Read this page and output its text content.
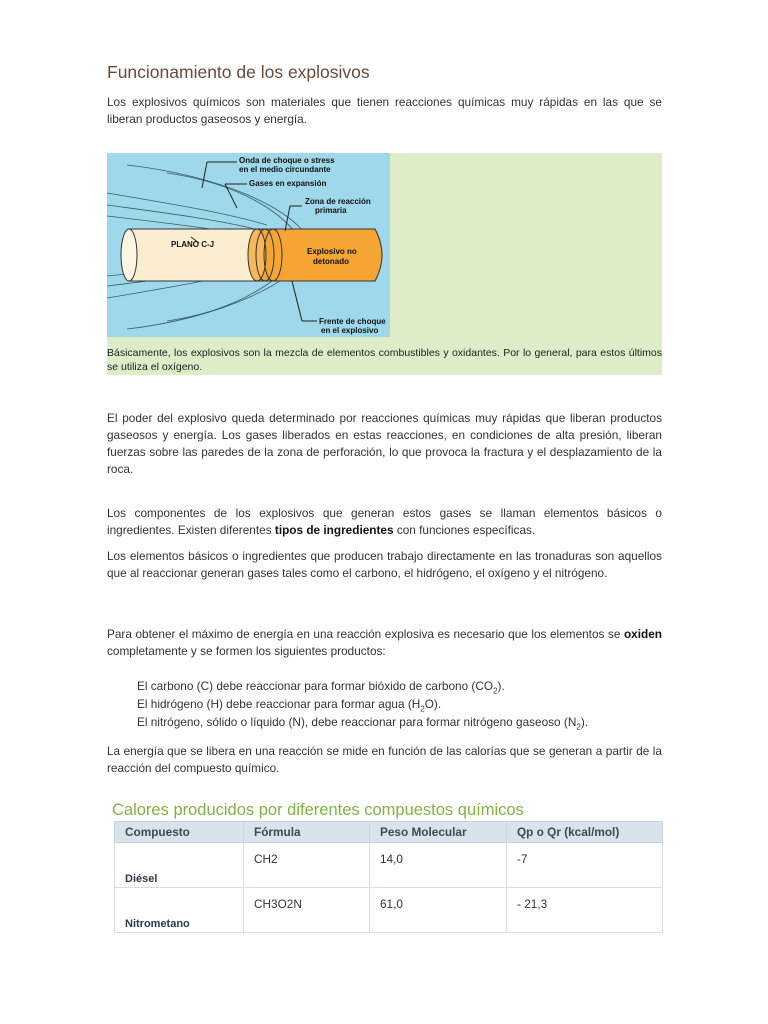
Funcionamiento de los explosivos
Los explosivos químicos son materiales que tienen reacciones químicas muy rápidas en las que se liberan productos gaseosos y energía.
Onda de choque o stress
en el medio circundante
Gases en expansión
Zona de reacción
primaria
PLANO C-J
Explosivo no
detonado
Frente de choque
en el explosivo
Básicamente, los explosivos son la mezcla de elementos combustibles y oxidantes. Por lo general, para estos últimos se utiliza el oxígeno.
El poder del explosivo queda determinado por reacciones químicas muy rápidas que liberan productos gaseosos y energía. Los gases liberados en estas reacciones, en condiciones de alta presión, liberan fuerzas sobre las paredes de la zona de perforación, lo que provoca la fractura y el desplazamiento de la roca.
Los componentes de los explosivos que generan estos gases se llaman elementos básicos o ingredientes. Existen diferentes tipos de ingredientes con funciones específicas.
Los elementos básicos o ingredientes que producen trabajo directamente en las tronaduras son aquellos que al reaccionar generan gases tales como el carbono, el hidrógeno, el oxígeno y el nitrógeno.
Para obtener el máximo de energía en una reacción explosiva es necesario que los elementos se oxiden completamente y se formen los siguientes productos:
El carbono (C) debe reaccionar para formar bióxido de carbono $(CO_2)$.
El hidrógeno (H) debe reaccionar para formar agua $(H_2O)$.
El nitrógeno, sólido o líquido (N), debe reaccionar para formar nitrógeno gaseoso $(N_2)$.
La energía que se libera en una reacción se mide en función de las calorías que se generan a partir de la reacción del compuesto químico.
Calores producidos por diferentes compuestos químicos
Compuesto	Fórmula	Peso Molecular	Qp o Qr (kcal/mol)
Diésel	CH2	14,0	-7
Nitrometano	CH3O2N	61,0	- 21,3
